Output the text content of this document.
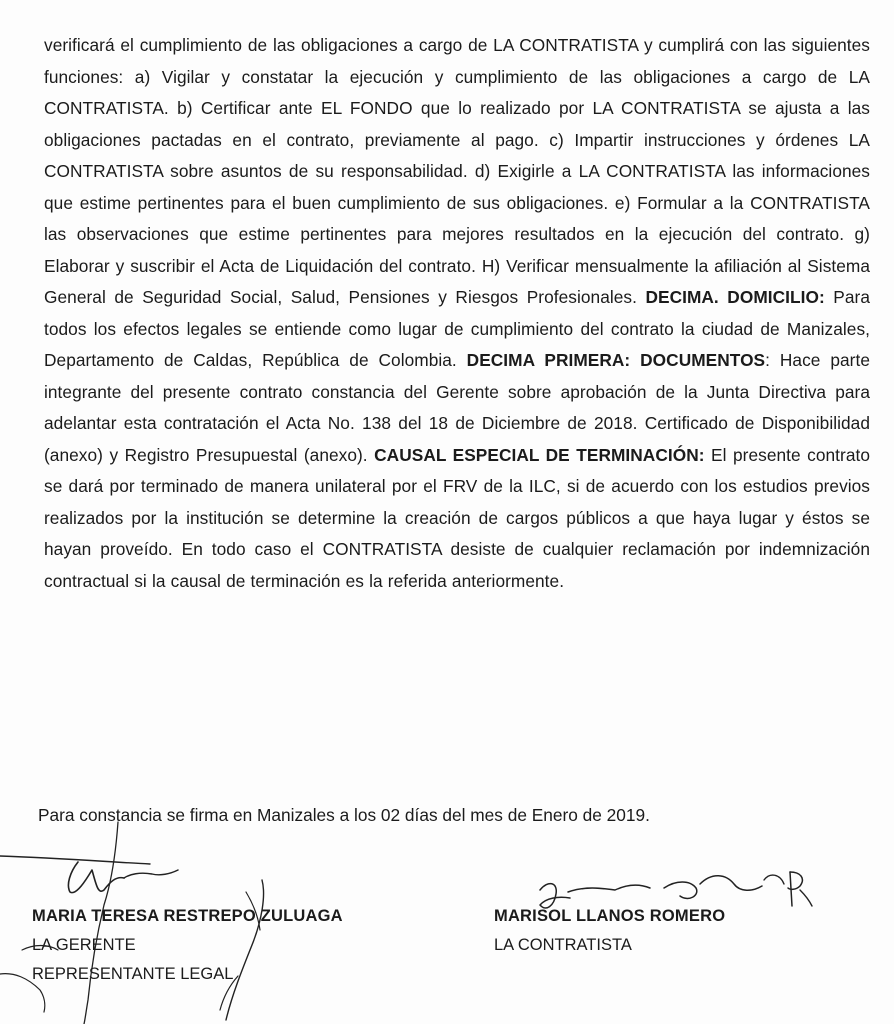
verificará el cumplimiento de las obligaciones a cargo de LA CONTRATISTA y cumplirá con las siguientes funciones: a) Vigilar y constatar la ejecución y cumplimiento de las obligaciones a cargo de LA CONTRATISTA. b) Certificar ante EL FONDO que lo realizado por LA CONTRATISTA se ajusta a las obligaciones pactadas en el contrato, previamente al pago. c) Impartir instrucciones y órdenes LA CONTRATISTA sobre asuntos de su responsabilidad. d) Exigirle a LA CONTRATISTA las informaciones que estime pertinentes para el buen cumplimiento de sus obligaciones. e) Formular a la CONTRATISTA las observaciones que estime pertinentes para mejores resultados en la ejecución del contrato. g) Elaborar y suscribir el Acta de Liquidación del contrato. H) Verificar mensualmente la afiliación al Sistema General de Seguridad Social, Salud, Pensiones y Riesgos Profesionales. DECIMA. DOMICILIO: Para todos los efectos legales se entiende como lugar de cumplimiento del contrato la ciudad de Manizales, Departamento de Caldas, República de Colombia. DECIMA PRIMERA: DOCUMENTOS: Hace parte integrante del presente contrato constancia del Gerente sobre aprobación de la Junta Directiva para adelantar esta contratación el Acta No. 138 del 18 de Diciembre de 2018. Certificado de Disponibilidad (anexo) y Registro Presupuestal (anexo). CAUSAL ESPECIAL DE TERMINACIÓN: El presente contrato se dará por terminado de manera unilateral por el FRV de la ILC, si de acuerdo con los estudios previos realizados por la institución se determine la creación de cargos públicos a que haya lugar y éstos se hayan proveído. En todo caso el CONTRATISTA desiste de cualquier reclamación por indemnización contractual si la causal de terminación es la referida anteriormente.
Para constancia se firma en Manizales a los 02 días del mes de Enero de 2019.
MARIA TERESA RESTREPO ZULUAGA
LA GERENTE
REPRESENTANTE LEGAL
MARISOL LLANOS ROMERO
LA CONTRATISTA
